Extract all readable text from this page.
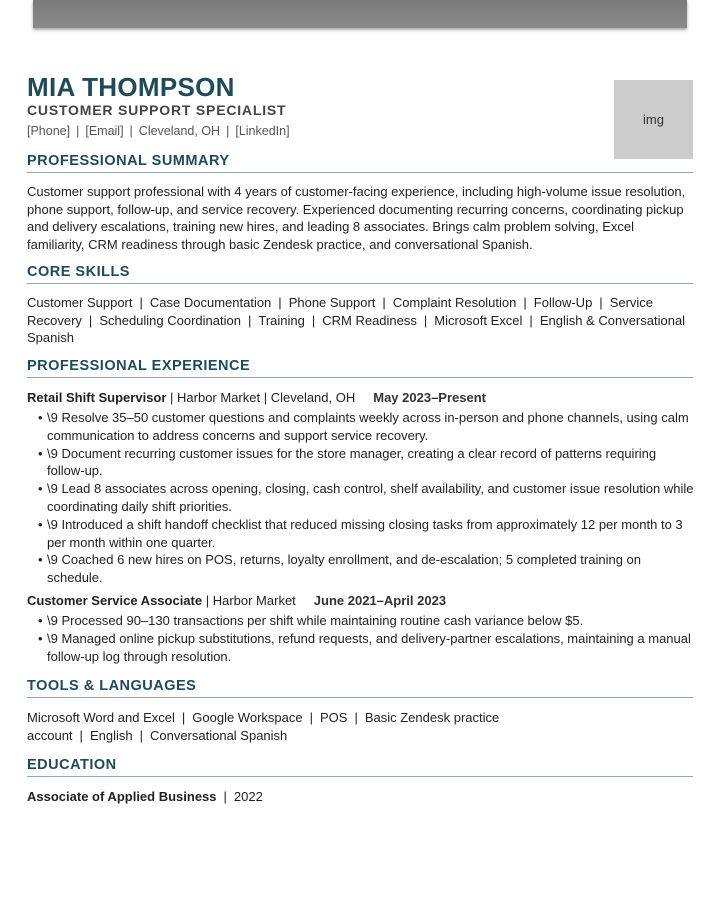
img
MIA THOMPSON
CUSTOMER SUPPORT SPECIALIST
[Phone] | [Email] | Cleveland, OH | [LinkedIn]
PROFESSIONAL SUMMARY
Customer support professional with 4 years of customer-facing experience, including high-volume issue resolution, phone support, follow-up, and service recovery. Experienced documenting recurring concerns, coordinating pickup and delivery escalations, training new hires, and leading 8 associates. Brings calm problem solving, Excel familiarity, CRM readiness through basic Zendesk practice, and conversational Spanish.
CORE SKILLS
Customer Support | Case Documentation | Phone Support | Complaint Resolution | Follow-Up | Service Recovery | Scheduling Coordination | Training | CRM Readiness | Microsoft Excel | English & Conversational Spanish
PROFESSIONAL EXPERIENCE
Retail Shift Supervisor | Harbor Market | Cleveland, OH May 2023–Present
• \9 Resolve 35–50 customer questions and complaints weekly across in-person and phone channels, using calm communication to address concerns and support service recovery.
• \9 Document recurring customer issues for the store manager, creating a clear record of patterns requiring follow-up.
• \9 Lead 8 associates across opening, closing, cash control, shelf availability, and customer issue resolution while coordinating daily shift priorities.
• \9 Introduced a shift handoff checklist that reduced missing closing tasks from approximately 12 per month to 3 per month within one quarter.
• \9 Coached 6 new hires on POS, returns, loyalty enrollment, and de-escalation; 5 completed training on schedule.
Customer Service Associate | Harbor Market June 2021–April 2023
• \9 Processed 90–130 transactions per shift while maintaining routine cash variance below $5.
• \9 Managed online pickup substitutions, refund requests, and delivery-partner escalations, maintaining a manual follow-up log through resolution.
TOOLS & LANGUAGES
Microsoft Word and Excel | Google Workspace | POS | Basic Zendesk practice account | English | Conversational Spanish
EDUCATION
Associate of Applied Business | 2022
